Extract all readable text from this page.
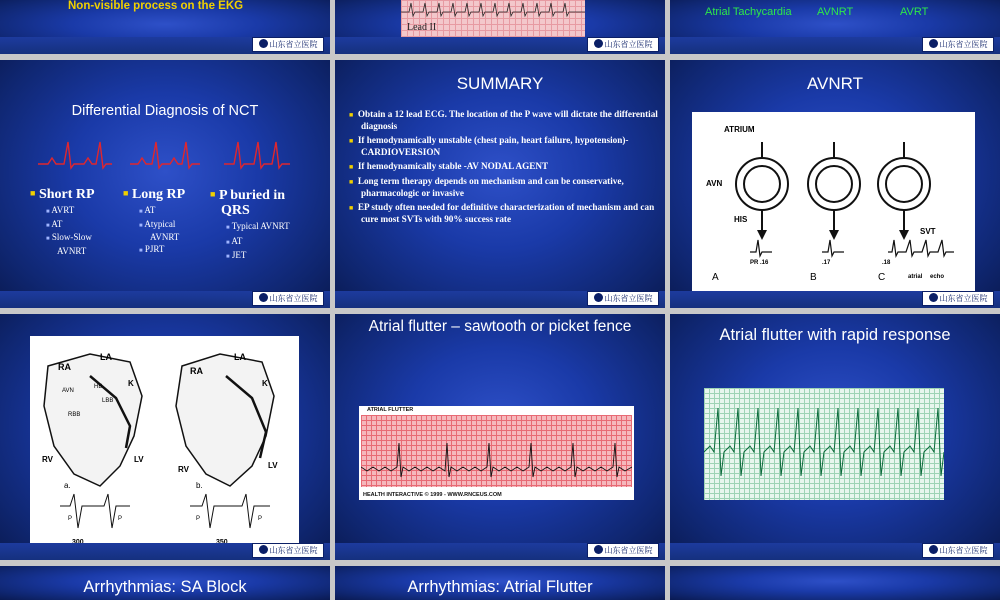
Non-visible process on the EKG
山东省立医院
Lead II
山东省立医院
Atrial Tachycardia AVNRT	AVRT
山东省立医院
Differential Diagnosis of NCT
■ Short RP
■ AVRT
■ AT
■ Slow-Slow AVNRT
■ Long RP
■ AT
■ Atypical AVNRT
■ PJRT
■ P buried in QRS
■ Typical AVNRT
■ AT
■ JET
山东省立医院
SUMMARY
■ Obtain a 12 lead ECG. The location of the P wave will dictate the differential diagnosis
■ If hemodynamically unstable (chest pain, heart failure, hypotension)- CARDIOVERSION
■ If hemodynamically stable -AV NODAL AGENT
■ Long term therapy depends on mechanism and can be conservative, pharmacologic or invasive
■ EP study often needed for definitive characterization of mechanism and can cure most SVTs with 90% success rate
山东省立医院
AVNRT
ATRIUM
AVN
HIS
SVT
PR .16	.17	.18
atrial echo
A	B	C
山东省立医院
RA
LA
K
AVN
HB
LBB
RBB
RV	LV
a.
RA
LA
K
RV	LV
b.
P	P	P	P
山东省立医院
Atrial flutter – sawtooth or picket fence
ATRIAL FLUTTER
HEALTH INTERACTIVE © 1999 - WWW.RNCEUS.COM
山东省立医院
Atrial flutter with rapid response
山东省立医院
Arrhythmias: SA Block	Arrhythmias: Atrial Flutter
